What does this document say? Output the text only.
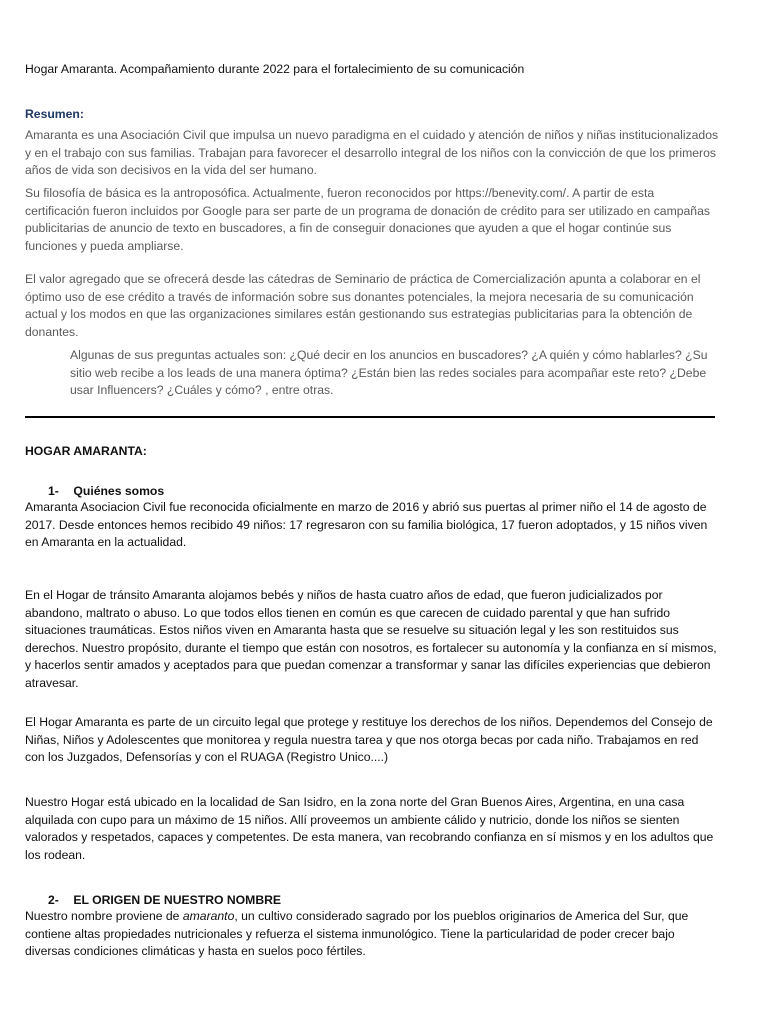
Hogar Amaranta. Acompañamiento durante 2022 para el fortalecimiento de su comunicación

Resumen:

Amaranta es una Asociación Civil que impulsa un nuevo paradigma en el cuidado y atención de niños y niñas institucionalizados y en el trabajo con sus familias. Trabajan para favorecer el desarrollo integral de los niños con la convicción de que los primeros años de vida son decisivos en la vida del ser humano.

Su filosofía de básica es la antroposófica. Actualmente, fueron reconocidos por https://benevity.com/. A partir de esta certificación fueron incluidos por Google para ser parte de un programa de donación de crédito para ser utilizado en campañas publicitarias de anuncio de texto en buscadores, a fin de conseguir donaciones que ayuden a que el hogar continúe sus funciones y pueda ampliarse.

El valor agregado que se ofrecerá desde las cátedras de Seminario de práctica de Comercialización apunta a colaborar en el óptimo uso de ese crédito a través de información sobre sus donantes potenciales, la mejora necesaria de su comunicación actual y los modos en que las organizaciones similares están gestionando sus estrategias publicitarias para la obtención de donantes.

Algunas de sus preguntas actuales son: ¿Qué decir en los anuncios en buscadores? ¿A quién y cómo hablarles? ¿Su sitio web recibe a los leads de una manera óptima? ¿Están bien las redes sociales para acompañar este reto? ¿Debe usar Influencers? ¿Cuáles y cómo? , entre otras.

HOGAR AMARANTA:

1- Quiénes somos

Amaranta Asociacion Civil fue reconocida oficialmente en marzo de 2016 y abrió sus puertas al primer niño el 14 de agosto de 2017. Desde entonces hemos recibido 49 niños: 17 regresaron con su familia biológica, 17 fueron adoptados, y 15 niños viven en Amaranta en la actualidad.

En el Hogar de tránsito Amaranta alojamos bebés y niños de hasta cuatro años de edad, que fueron judicializados por abandono, maltrato o abuso. Lo que todos ellos tienen en común es que carecen de cuidado parental y que han sufrido situaciones traumáticas. Estos niños viven en Amaranta hasta que se resuelve su situación legal y les son restituidos sus derechos. Nuestro propósito, durante el tiempo que están con nosotros, es fortalecer su autonomía y la confianza en sí mismos, y hacerlos sentir amados y aceptados para que puedan comenzar a transformar y sanar las difíciles experiencias que debieron atravesar.

El Hogar Amaranta es parte de un circuito legal que protege y restituye los derechos de los niños. Dependemos del Consejo de Niñas, Niños y Adolescentes que monitorea y regula nuestra tarea y que nos otorga becas por cada niño. Trabajamos en red con los Juzgados, Defensorías y con el RUAGA (Registro Unico....)

Nuestro Hogar está ubicado en la localidad de San Isidro, en la zona norte del Gran Buenos Aires, Argentina, en una casa alquilada con cupo para un máximo de 15 niños. Allí proveemos un ambiente cálido y nutricio, donde los niños se sienten valorados y respetados, capaces y competentes. De esta manera, van recobrando confianza en sí mismos y en los adultos que los rodean.

2- EL ORIGEN DE NUESTRO NOMBRE

Nuestro nombre proviene de amaranto, un cultivo considerado sagrado por los pueblos originarios de America del Sur, que contiene altas propiedades nutricionales y refuerza el sistema inmunológico. Tiene la particularidad de poder crecer bajo diversas condiciones climáticas y hasta en suelos poco fértiles.
